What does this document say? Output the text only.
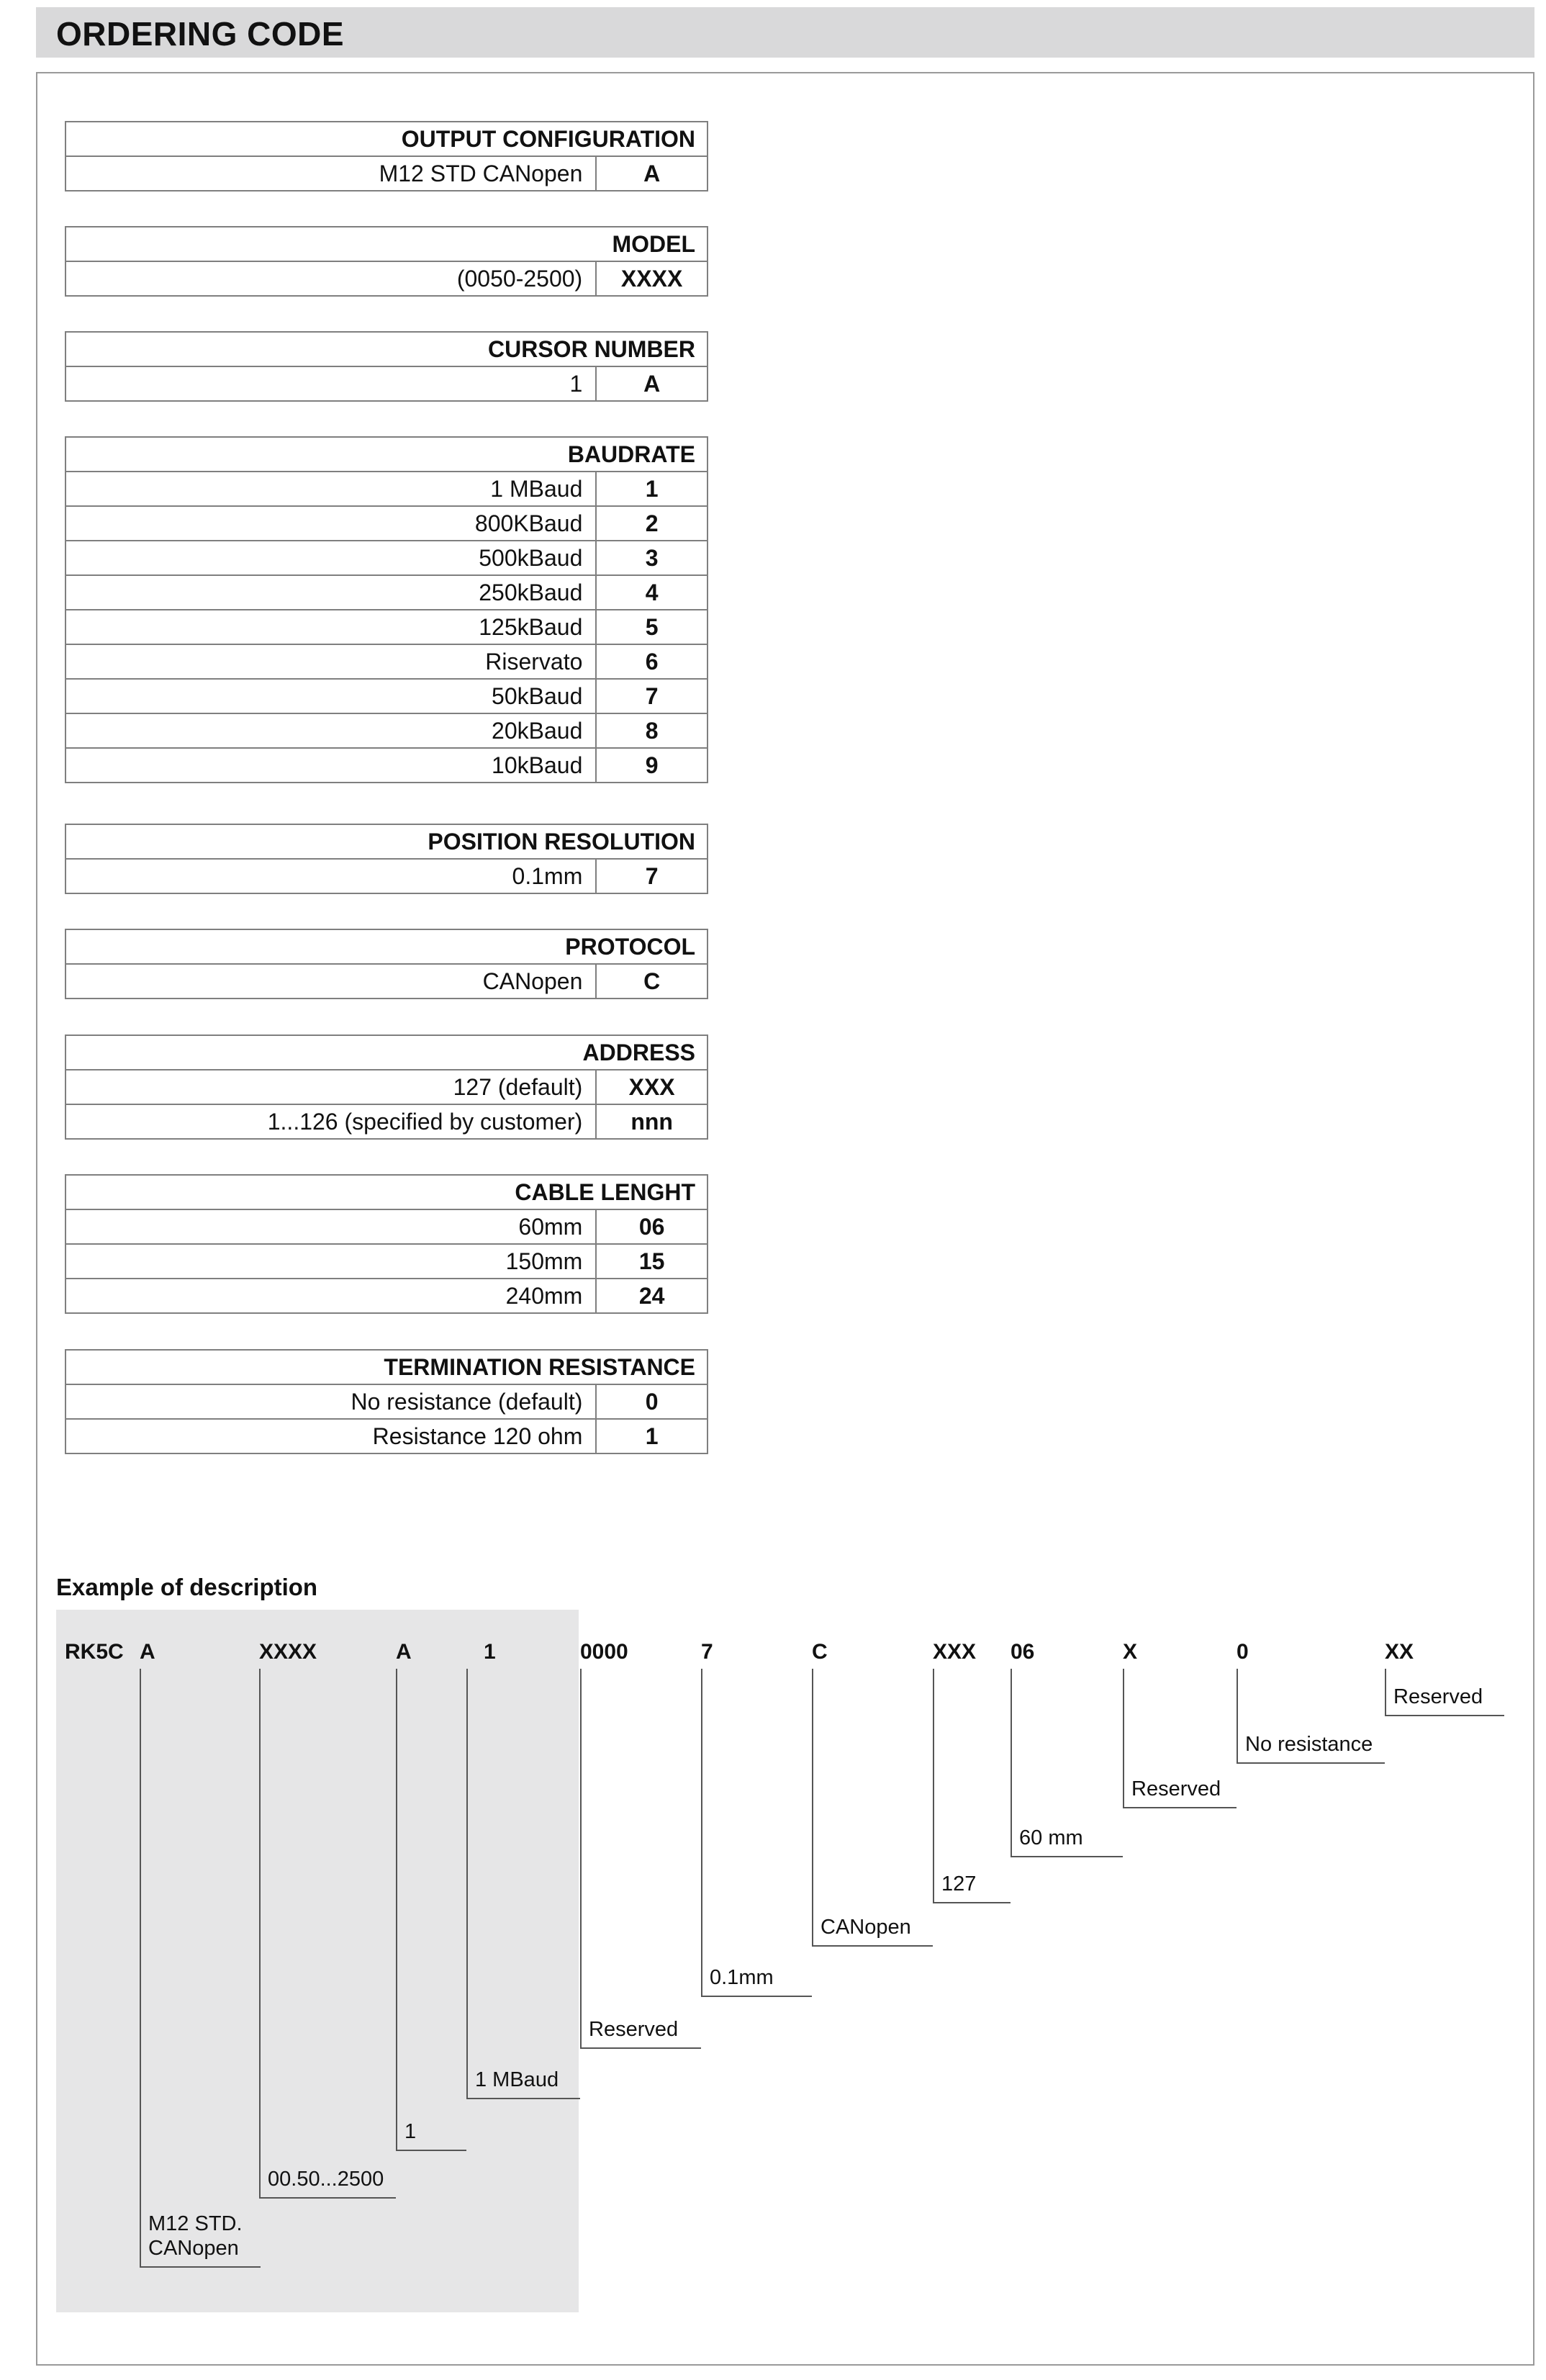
ORDERING CODE
OUTPUT CONFIGURATION
M12 STD CANopen	A
MODEL
(0050-2500)	XXXX
CURSOR NUMBER
1	A
BAUDRATE	
1 MBaud	1
800KBaud	2
500kBaud	3
250kBaud	4
125kBaud	5
Riservato	6
50kBaud	7
20kBaud	8
10kBaud	9
POSITION RESOLUTION
0.1mm	7
PROTOCOL
CANopen	C
ADDRESS	
127 (default)	XXX
1...126 (specified by customer)	nnn
CABLE LENGHT	
60mm	06
150mm	15
240mm	24
TERMINATION RESISTANCE	
No resistance (default)	0
Resistance 120 ohm	1
Example of description
RK5C A
M12 STD.
CANopen
XXXX
00.50...2500
A
1
1
1 MBaud
0000
Reserved
7
0.1mm
C
CANopen
XXX
127
06
60 mm
X
Reserved
0
No resistance
XX
Reserved
